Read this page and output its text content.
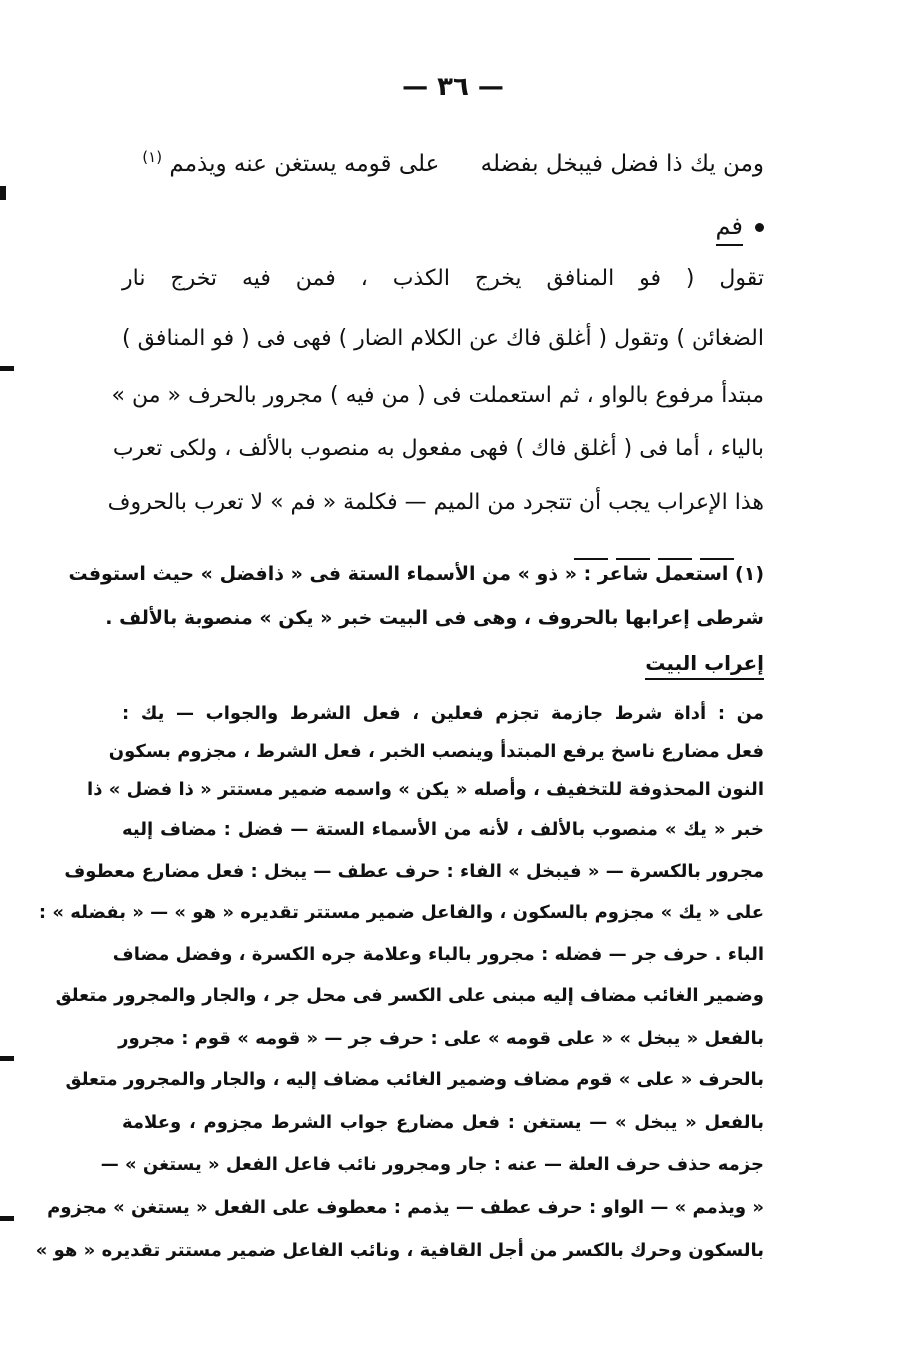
— ٣٦ —
ومن يك ذا فضل فيبخل بفضله على قومه يستغن عنه ويذمم $^{(١)}$
فم
تقول ( فو المنافق يخرج الكذب ، فمن فيه تخرج نار
الضغائن ) وتقول ( أغلق فاك عن الكلام الضار ) فهى فى ( فو المنافق )
مبتدأ مرفوع بالواو ، ثم استعملت فى ( من فيه ) مجرور بالحرف « من »
بالياء ، أما فى ( أغلق فاك ) فهى مفعول به منصوب بالألف ، ولكى تعرب
هذا الإعراب يجب أن تتجرد من الميم — فكلمة « فم » لا تعرب بالحروف
(١) استعمل شاعر : « ذو » من الأسماء الستة فى « ذافضل » حيث استوفت
شرطى إعرابها بالحروف ، وهى فى البيت خبر « يكن » منصوبة بالألف .
إعراب البيت
من : أداة شرط جازمة تجزم فعلين ، فعل الشرط والجواب — يك :
فعل مضارع ناسخ يرفع المبتدأ وينصب الخبر ، فعل الشرط ، مجزوم بسكون
النون المحذوفة للتخفيف ، وأصله « يكن » واسمه ضمير مستتر « ذا فضل » ذا
خبر « يك » منصوب بالألف ، لأنه من الأسماء الستة — فضل : مضاف إليه
مجرور بالكسرة — « فيبخل » الفاء : حرف عطف — يبخل : فعل مضارع معطوف
على « يك » مجزوم بالسكون ، والفاعل ضمير مستتر تقديره « هو » — « بفضله » :
الباء . حرف جر — فضله : مجرور بالباء وعلامة جره الكسرة ، وفضل مضاف
وضمير الغائب مضاف إليه مبنى على الكسر فى محل جر ، والجار والمجرور متعلق
بالفعل « يبخل » « على قومه » على : حرف جر — « قومه » قوم : مجرور
بالحرف « على » قوم مضاف وضمير الغائب مضاف إليه ، والجار والمجرور متعلق
بالفعل « يبخل » — يستغن : فعل مضارع جواب الشرط مجزوم ، وعلامة
جزمه حذف حرف العلة — عنه : جار ومجرور نائب فاعل الفعل « يستغن » —
« ويذمم » — الواو : حرف عطف — يذمم : معطوف على الفعل « يستغن » مجزوم
بالسكون وحرك بالكسر من أجل القافية ، ونائب الفاعل ضمير مستتر تقديره « هو »
